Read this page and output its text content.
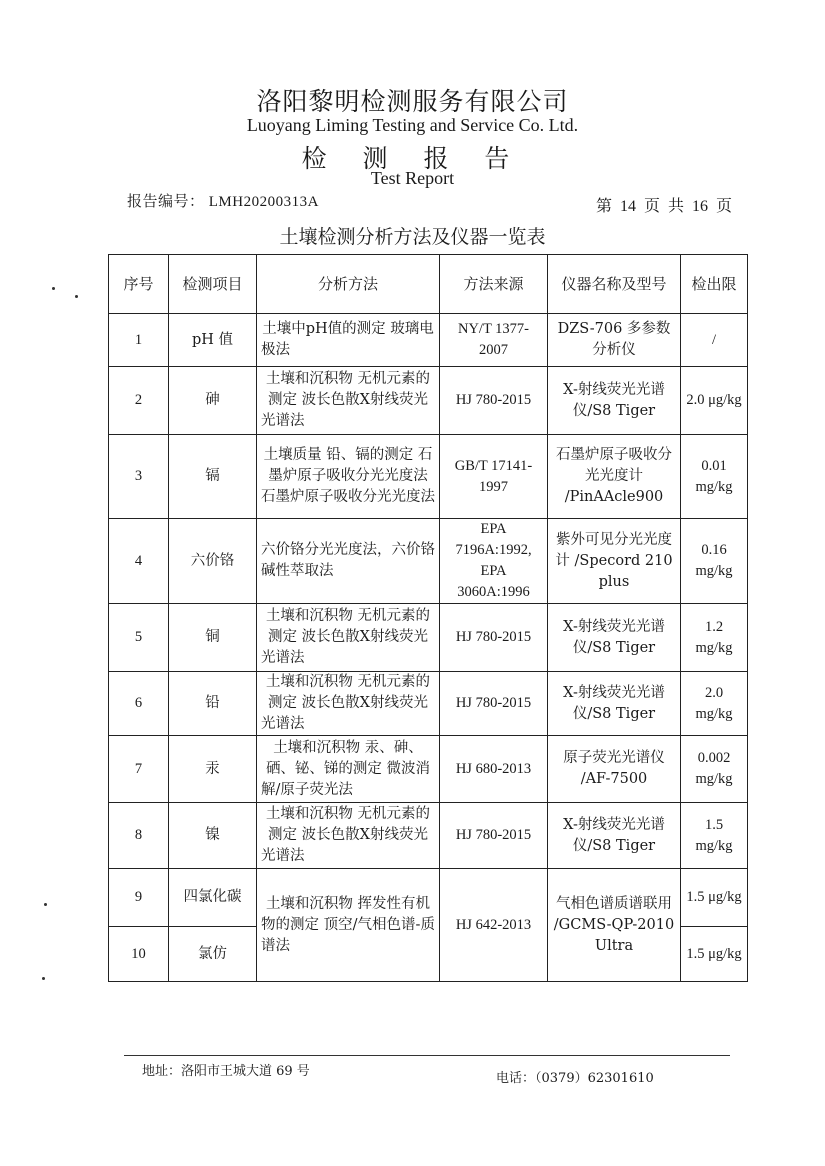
洛阳黎明检测服务有限公司
Luoyang Liming Testing and Service Co. Ltd.
检 测 报 告
Test Report
报告编号： LMH20200313A	第 14 页 共 16 页
土壤检测分析方法及仪器一览表
序号	检测项目	分析方法	方法来源	仪器名称及型号	检出限
1	pH 值	土壤中pH值的测定 玻璃电极法	NY/T 1377-2007	DZS-706 多参数分析仪	/
2	砷	土壤和沉积物 无机元素的测定 波长色散X射线荧光光谱法	HJ 780-2015	X-射线荧光光谱仪/S8 Tiger	2.0 μg/kg
3	镉	土壤质量 铅、镉的测定 石墨炉原子吸收分光光度法 石墨炉原子吸收分光光度法	GB/T 17141-1997	石墨炉原子吸收分光光度计 /PinAAcle900	0.01 mg/kg
4	六价铬	六价铬分光光度法，六价铬碱性萃取法	EPA 7196A:1992, EPA 3060A:1996	紫外可见分光光度计 /Specord 210 plus	0.16 mg/kg
5	铜	土壤和沉积物 无机元素的测定 波长色散X射线荧光光谱法	HJ 780-2015	X-射线荧光光谱仪/S8 Tiger	1.2 mg/kg
6	铅	土壤和沉积物 无机元素的测定 波长色散X射线荧光光谱法	HJ 780-2015	X-射线荧光光谱仪/S8 Tiger	2.0 mg/kg
7	汞	土壤和沉积物 汞、砷、硒、铋、锑的测定 微波消解/原子荧光法	HJ 680-2013	原子荧光光谱仪 /AF-7500	0.002 mg/kg
8	镍	土壤和沉积物 无机元素的测定 波长色散X射线荧光光谱法	HJ 780-2015	X-射线荧光光谱仪/S8 Tiger	1.5 mg/kg
9	四氯化碳	土壤和沉积物 挥发性有机物的测定 顶空/气相色谱-质谱法	HJ 642-2013	气相色谱质谱联用 /GCMS-QP-2010 Ultra	1.5 μg/kg
10	氯仿				1.5 μg/kg
地址：洛阳市王城大道 69 号	电话：（0379）62301610
